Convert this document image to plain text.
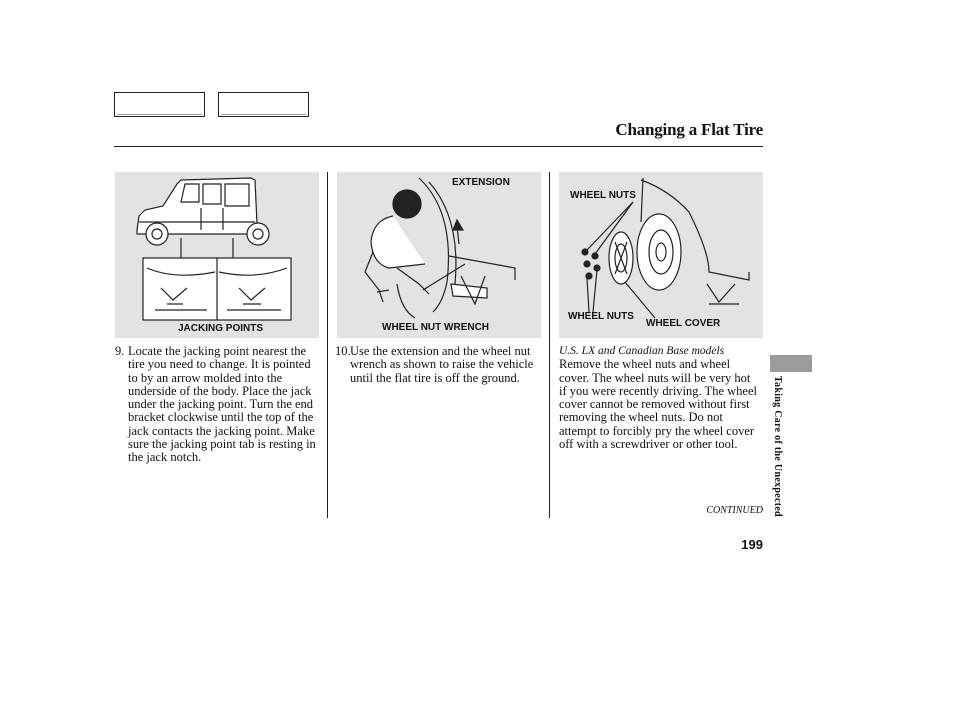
Changing a Flat Tire
JACKING POINTS
EXTENSION
WHEEL NUT WRENCH
WHEEL NUTS
WHEEL NUTS
WHEEL COVER
9. Locate the jacking point nearest the tire you need to change. It is pointed to by an arrow molded into the underside of the body. Place the jack under the jacking point. Turn the end bracket clockwise until the top of the jack contacts the jacking point. Make sure the jacking point tab is resting in the jack notch.
10. Use the extension and the wheel nut wrench as shown to raise the vehicle until the flat tire is off the ground.
U.S. LX and Canadian Base models
Remove the wheel nuts and wheel cover. The wheel nuts will be very hot if you were recently driving. The wheel cover cannot be removed without first removing the wheel nuts. Do not attempt to forcibly pry the wheel cover off with a screwdriver or other tool.
CONTINUED
199
Taking Care of the Unexpected
